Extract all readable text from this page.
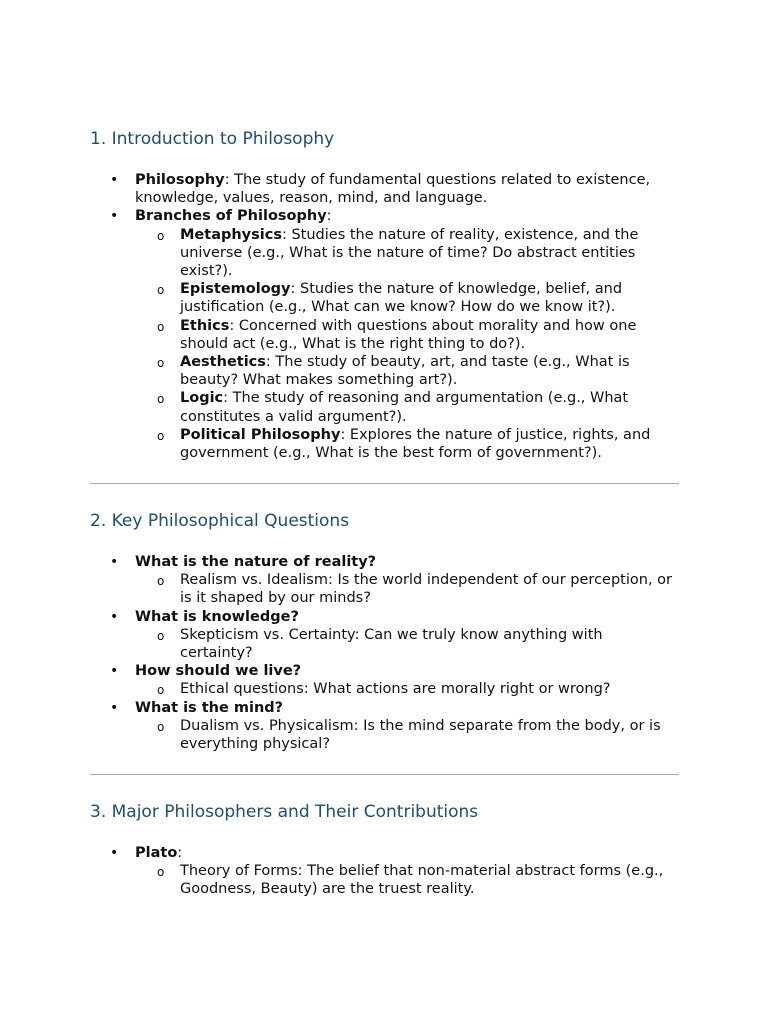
1. Introduction to Philosophy
• Philosophy: The study of fundamental questions related to existence, knowledge, values, reason, mind, and language.
• Branches of Philosophy:
o Metaphysics: Studies the nature of reality, existence, and the universe (e.g., What is the nature of time? Do abstract entities exist?).
o Epistemology: Studies the nature of knowledge, belief, and justification (e.g., What can we know? How do we know it?).
o Ethics: Concerned with questions about morality and how one should act (e.g., What is the right thing to do?).
o Aesthetics: The study of beauty, art, and taste (e.g., What is beauty? What makes something art?).
o Logic: The study of reasoning and argumentation (e.g., What constitutes a valid argument?).
o Political Philosophy: Explores the nature of justice, rights, and government (e.g., What is the best form of government?).
2. Key Philosophical Questions
• What is the nature of reality?
o Realism vs. Idealism: Is the world independent of our perception, or is it shaped by our minds?
• What is knowledge?
o Skepticism vs. Certainty: Can we truly know anything with certainty?
• How should we live?
o Ethical questions: What actions are morally right or wrong?
• What is the mind?
o Dualism vs. Physicalism: Is the mind separate from the body, or is everything physical?
3. Major Philosophers and Their Contributions
• Plato:
o Theory of Forms: The belief that non-material abstract forms (e.g., Goodness, Beauty) are the truest reality.
